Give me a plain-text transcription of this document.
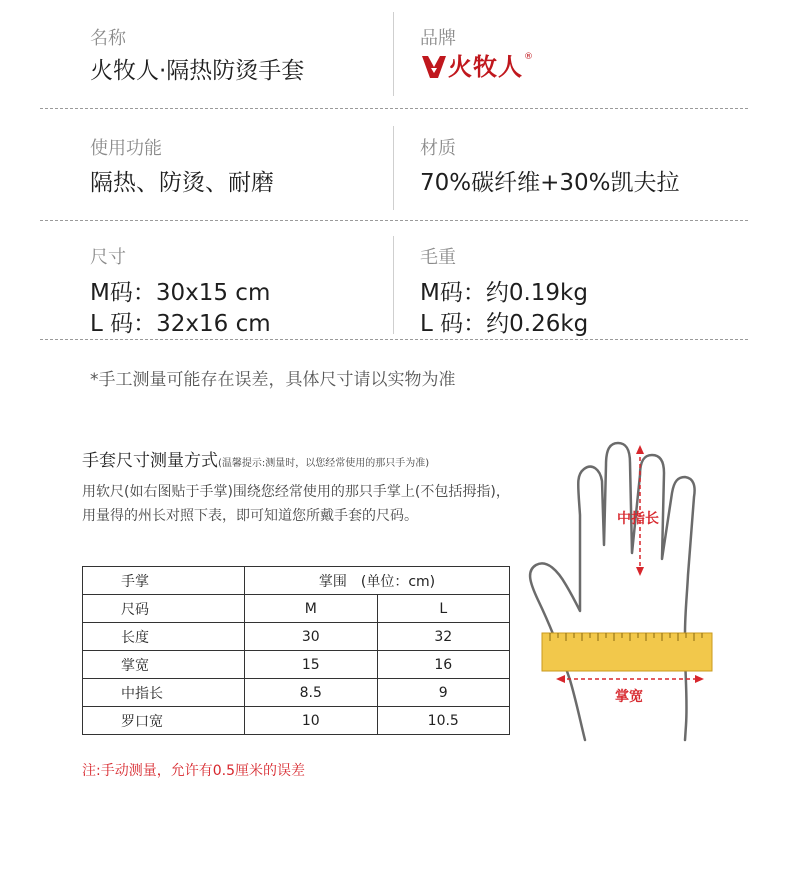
名称
火牧人·隔热防烫手套
品牌
火牧人 ®
使用功能
隔热、防烫、耐磨
材质
70%碳纤维+30%凯夫拉
尺寸
M码：30x15 cm
L 码：32x16 cm
毛重
M码：约0.19kg
L 码：约0.26kg
*手工测量可能存在误差，具体尺寸请以实物为准
手套尺寸测量方式(温馨提示:测量时，以您经常使用的那只手为准)
用软尺(如右图贴于手掌)围绕您经常使用的那只手掌上(不包括拇指)，用量得的州长对照下表，即可知道您所戴手套的尺码。
手掌	掌围　(单位：cm)	
尺码	M	L
长度	30	32
掌宽	15	16
中指长	8.5	9
罗口宽	10	10.5
注:手动测量，允许有0.5厘米的误差
中指长
掌宽
